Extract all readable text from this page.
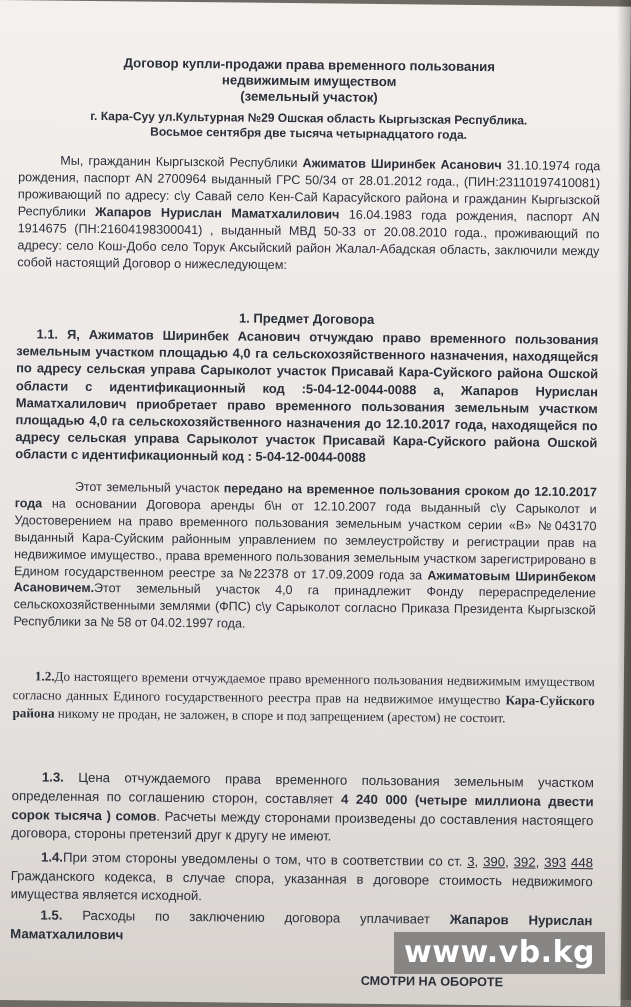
Договор купли-продажи права временного пользования
недвижимым имуществом
(земельный участок)
г. Кара-Суу ул.Культурная №29 Ошская область Кыргызская Республика.
Восьмое сентября две тысяча четырнадцатого года.

Мы, гражданин Кыргызской Республики Ажиматов Ширинбек Асанович 31.10.1974 года рождения, паспорт AN 2700964 выданный ГРС 50/34 от 28.01.2012 года., (ПИН:23110197410081) проживающий по адресу: с\у Савай село Кен-Сай Карасуйского района и гражданин Кыргызской Республики Жапаров Нурислан Маматхалилович 16.04.1983 года рождения, паспорт AN 1914675 (ПН:21604198300041) , выданный МВД 50-33 от 20.08.2010 года., проживающий по адресу: село Кош-Добо село Торук Аксыйский район Жалал-Абадская область, заключили между собой настоящий Договор о нижеследующем:

1. Предмет Договора

1.1. Я, Ажиматов Ширинбек Асанович отчуждаю право временного пользования земельным участком площадью 4,0 га сельскохозяйственного назначения, находящейся по адресу сельская управа Сарыколот участок Присавай Кара-Суйского района Ошской области с идентификационный код :5-04-12-0044-0088 а, Жапаров Нурислан Маматхалилович приобретает право временного пользования земельным участком площадью 4,0 га сельскохозяйственного назначения до 12.10.2017 года, находящейся по адресу сельская управа Сарыколот участок Присавай Кара-Суйского района Ошской области с идентификационный код : 5-04-12-0044-0088

Этот земельный участок передано на временное пользования сроком до 12.10.2017 года на основании Договора аренды б\н от 12.10.2007 года выданный с\у Сарыколот и Удостоверением на право временного пользования земельным участком серии «В» №043170 выданный Кара-Суйским районным управлением по землеустройству и регистрации прав на недвижимое имущество., права временного пользования земельным участком зарегистрировано в Едином государственном реестре за №22378 от 17.09.2009 года за Ажиматовым Ширинбеком Асановичем.Этот земельный участок 4,0 га принадлежит Фонду перераспределение сельскохозяйственными землями (ФПС) с\у Сарыколот согласно Приказа Президента Кыргызской Республики за № 58 от 04.02.1997 года.

1.2.До настоящего времени отчуждаемое право временного пользования недвижимым имуществом согласно данных Единого государственного реестра прав на недвижимое имущество Кара-Суйского района никому не продан, не заложен, в споре и под запрещением (арестом) не состоит.

1.3. Цена отчуждаемого права временного пользования земельным участком определенная по соглашению сторон, составляет 4 240 000 (четыре миллиона двести сорок тысяча ) сомов. Расчеты между сторонами произведены до составления настоящего договора, стороны претензий друг к другу не имеют.

1.4.При этом стороны уведомлены о том, что в соответствии со ст. 3, 390, 392, 393 448 Гражданского кодекса, в случае спора, указанная в договоре стоимость недвижимого имущества является исходной.

1.5. Расходы по заключению договора уплачивает Жапаров Нурислан Маматхалилович

СМОТРИ НА ОБОРОТЕ
www.vb.kg
